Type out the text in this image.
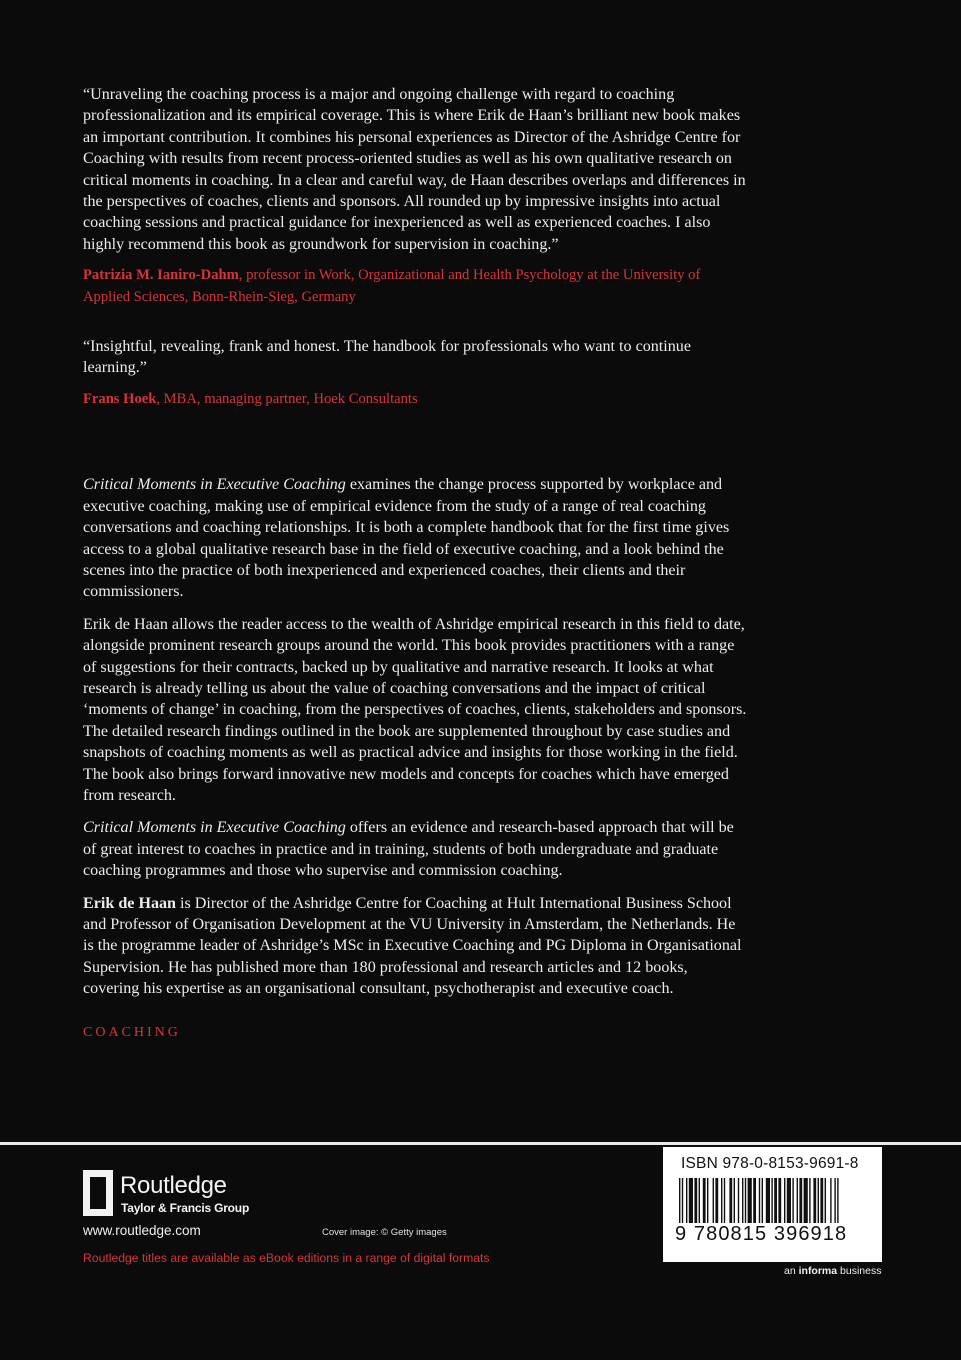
“Unraveling the coaching process is a major and ongoing challenge with regard to coaching professionalization and its empirical coverage. This is where Erik de Haan’s brilliant new book makes an important contribution. It combines his personal experiences as Director of the Ashridge Centre for Coaching with results from recent process-oriented studies as well as his own qualitative research on critical moments in coaching. In a clear and careful way, de Haan describes overlaps and differences in the perspectives of coaches, clients and sponsors. All rounded up by impressive insights into actual coaching sessions and practical guidance for inexperienced as well as experienced coaches. I also highly recommend this book as groundwork for supervision in coaching.”

Patrizia M. Ianiro-Dahm, professor in Work, Organizational and Health Psychology at the University of Applied Sciences, Bonn-Rhein-Sieg, Germany

“Insightful, revealing, frank and honest. The handbook for professionals who want to continue learning.”

Frans Hoek, MBA, managing partner, Hoek Consultants

Critical Moments in Executive Coaching examines the change process supported by workplace and executive coaching, making use of empirical evidence from the study of a range of real coaching conversations and coaching relationships. It is both a complete handbook that for the first time gives access to a global qualitative research base in the field of executive coaching, and a look behind the scenes into the practice of both inexperienced and experienced coaches, their clients and their commissioners.

Erik de Haan allows the reader access to the wealth of Ashridge empirical research in this field to date, alongside prominent research groups around the world. This book provides practitioners with a range of suggestions for their contracts, backed up by qualitative and narrative research. It looks at what research is already telling us about the value of coaching conversations and the impact of critical ‘moments of change’ in coaching, from the perspectives of coaches, clients, stakeholders and sponsors. The detailed research findings outlined in the book are supplemented throughout by case studies and snapshots of coaching moments as well as practical advice and insights for those working in the field. The book also brings forward innovative new models and concepts for coaches which have emerged from research.

Critical Moments in Executive Coaching offers an evidence and research-based approach that will be of great interest to coaches in practice and in training, students of both undergraduate and graduate coaching programmes and those who supervise and commission coaching.

Erik de Haan is Director of the Ashridge Centre for Coaching at Hult International Business School and Professor of Organisation Development at the VU University in Amsterdam, the Netherlands. He is the programme leader of Ashridge’s MSc in Executive Coaching and PG Diploma in Organisational Supervision. He has published more than 180 professional and research articles and 12 books, covering his expertise as an organisational consultant, psychotherapist and executive coach.

COACHING

Routledge
Taylor & Francis Group
www.routledge.com	Cover image: © Getty images
Routledge titles are available as eBook editions in a range of digital formats
ISBN 978-0-8153-9691-8
9 780815 396918
an informa business
